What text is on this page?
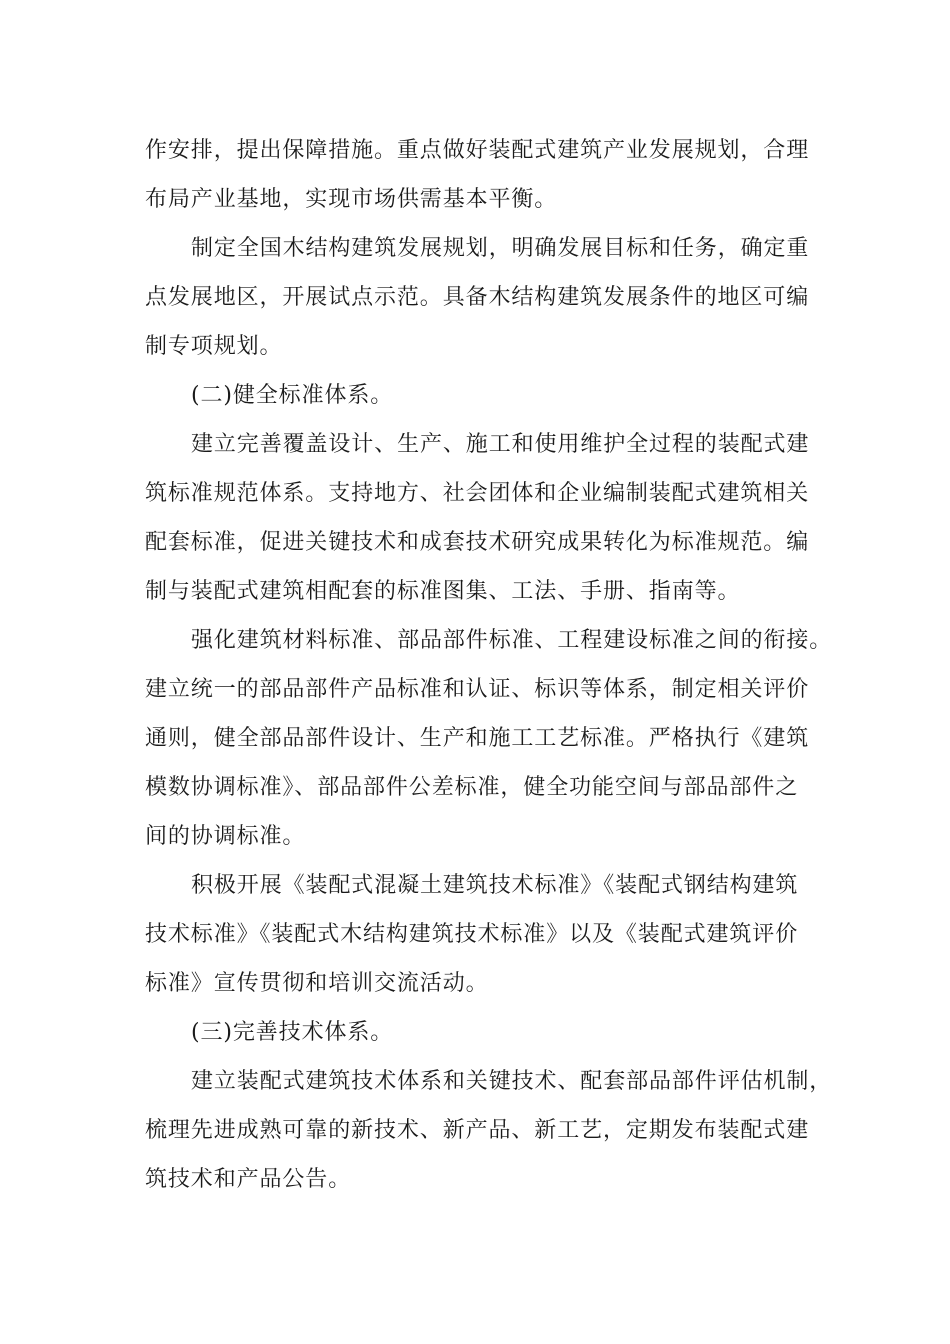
作安排，提出保障措施。重点做好装配式建筑产业发展规划，合理
布局产业基地，实现市场供需基本平衡。
制定全国木结构建筑发展规划，明确发展目标和任务，确定重
点发展地区，开展试点示范。具备木结构建筑发展条件的地区可编
制专项规划。
(二)健全标准体系。
建立完善覆盖设计、生产、施工和使用维护全过程的装配式建
筑标准规范体系。支持地方、社会团体和企业编制装配式建筑相关
配套标准，促进关键技术和成套技术研究成果转化为标准规范。编
制与装配式建筑相配套的标准图集、工法、手册、指南等。
强化建筑材料标准、部品部件标准、工程建设标准之间的衔接。
建立统一的部品部件产品标准和认证、标识等体系，制定相关评价
通则，健全部品部件设计、生产和施工工艺标准。严格执行《建筑
模数协调标准》、部品部件公差标准，健全功能空间与部品部件之
间的协调标准。
积极开展《装配式混凝土建筑技术标准》《装配式钢结构建筑
技术标准》《装配式木结构建筑技术标准》以及《装配式建筑评价
标准》宣传贯彻和培训交流活动。
(三)完善技术体系。
建立装配式建筑技术体系和关键技术、配套部品部件评估机制，
梳理先进成熟可靠的新技术、新产品、新工艺，定期发布装配式建
筑技术和产品公告。
